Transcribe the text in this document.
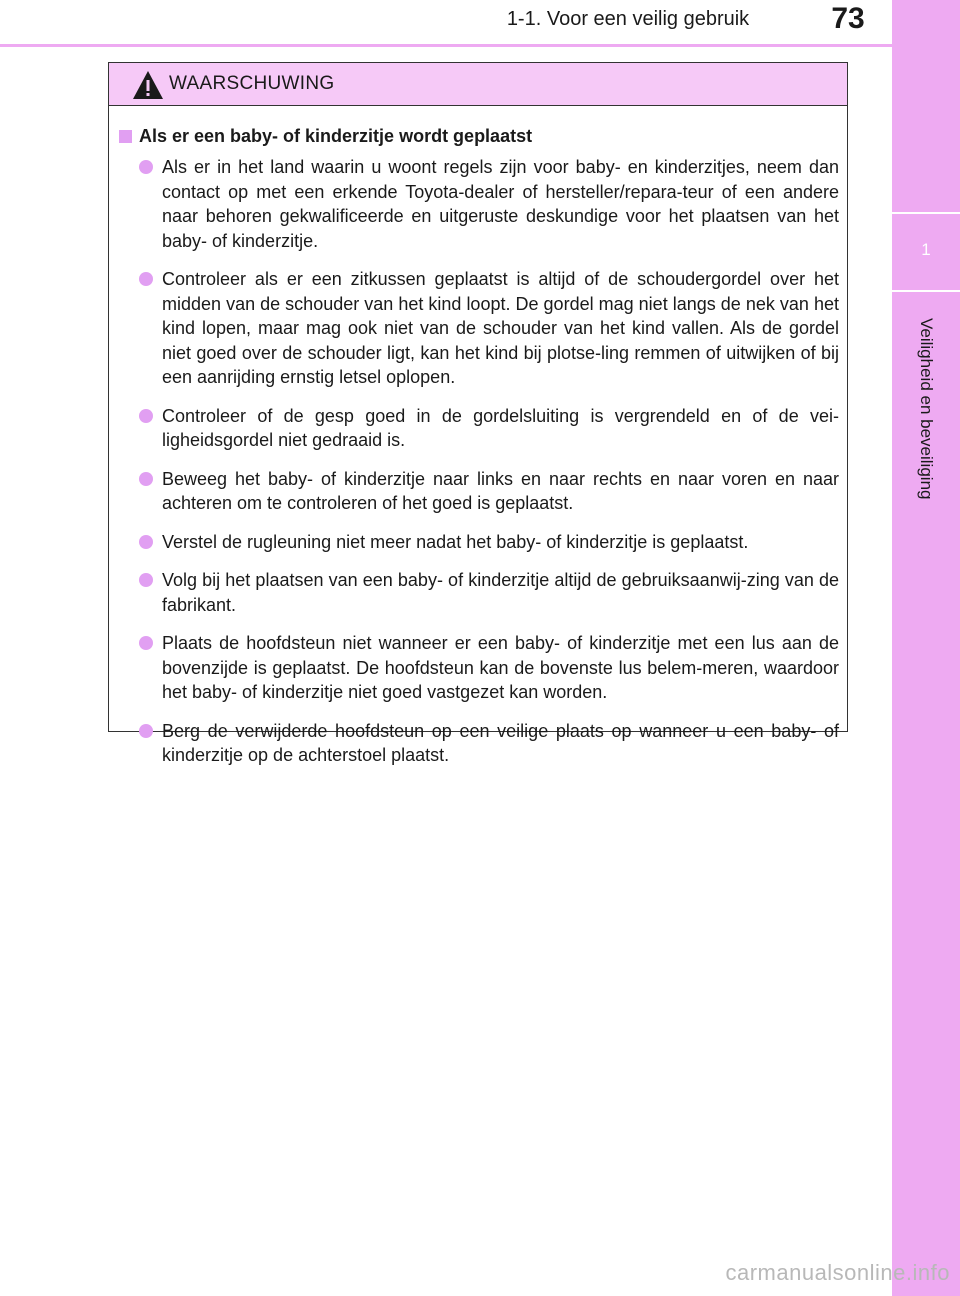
1-1. Voor een veilig gebruik	73
1
Veiligheid en beveiliging
WAARSCHUWING
Als er een baby- of kinderzitje wordt geplaatst
Als er in het land waarin u woont regels zijn voor baby- en kinderzitjes, neem dan contact op met een erkende Toyota-dealer of hersteller/repara-teur of een andere naar behoren gekwalificeerde en uitgeruste deskundige voor het plaatsen van het baby- of kinderzitje.
Controleer als er een zitkussen geplaatst is altijd of de schoudergordel over het midden van de schouder van het kind loopt. De gordel mag niet langs de nek van het kind lopen, maar mag ook niet van de schouder van het kind vallen. Als de gordel niet goed over de schouder ligt, kan het kind bij plotse-ling remmen of uitwijken of bij een aanrijding ernstig letsel oplopen.
Controleer of de gesp goed in de gordelsluiting is vergrendeld en of de vei-ligheidsgordel niet gedraaid is.
Beweeg het baby- of kinderzitje naar links en naar rechts en naar voren en naar achteren om te controleren of het goed is geplaatst.
Verstel de rugleuning niet meer nadat het baby- of kinderzitje is geplaatst.
Volg bij het plaatsen van een baby- of kinderzitje altijd de gebruiksaanwij-zing van de fabrikant.
Plaats de hoofdsteun niet wanneer er een baby- of kinderzitje met een lus aan de bovenzijde is geplaatst. De hoofdsteun kan de bovenste lus belem-meren, waardoor het baby- of kinderzitje niet goed vastgezet kan worden.
Berg de verwijderde hoofdsteun op een veilige plaats op wanneer u een baby- of kinderzitje op de achterstoel plaatst.
carmanualsonline.info
